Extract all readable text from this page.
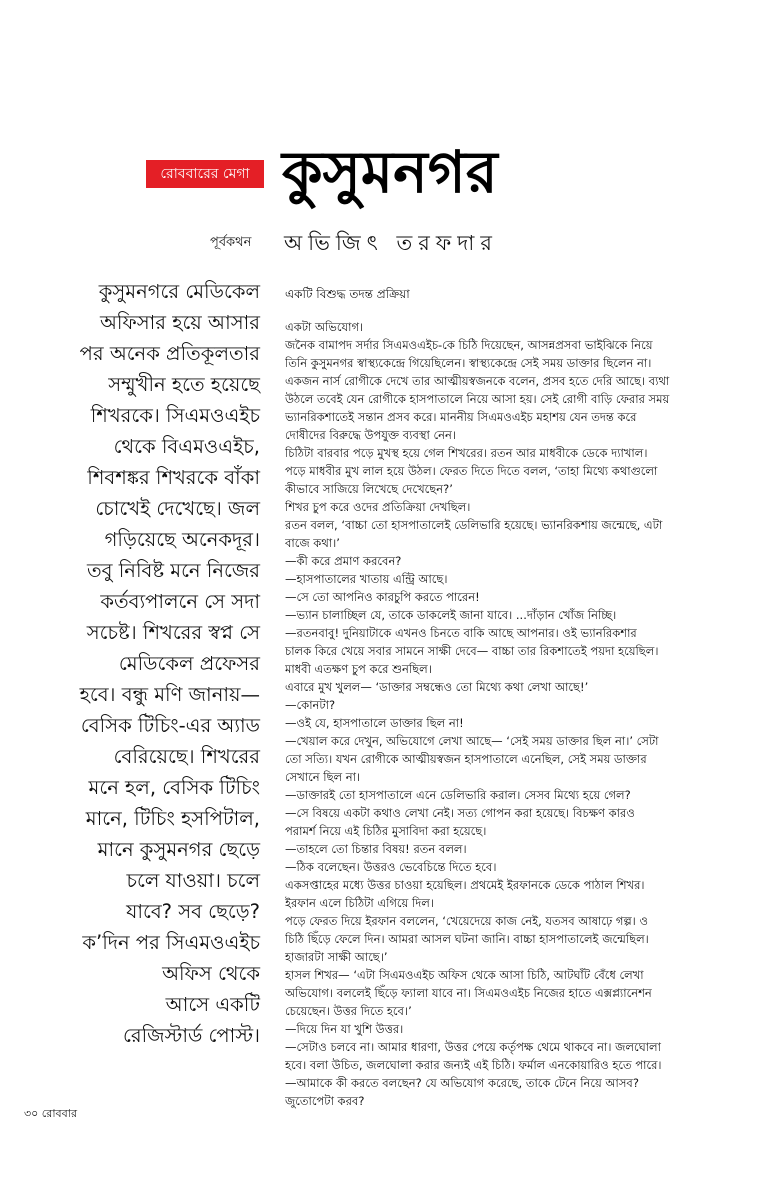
রোববারের মেগা কুসুমনগর
পূর্বকথন	অভিজিৎ তরফদার
কুসুমনগরে মেডিকেল
অফিসার হয়ে আসার
পর অনেক প্রতিকূলতার
সম্মুখীন হতে হয়েছে
শিখরকে। সিএমওএইচ
থেকে বিএমওএইচ,
শিবশঙ্কর শিখরকে বাঁকা
চোখেই দেখেছে। জল
গড়িয়েছে অনেকদূর।
তবু নিবিষ্ট মনে নিজের
কর্তব্যপালনে সে সদা
সচেষ্ট। শিখরের স্বপ্ন সে
মেডিকেল প্রফেসর
হবে। বন্ধু মণি জানায়—
বেসিক টিচিং-এর অ্যাড
বেরিয়েছে। শিখরের
মনে হল, বেসিক টিচিং
মানে, টিচিং হসপিটাল,
মানে কুসুমনগর ছেড়ে
চলে যাওয়া। চলে
যাবে? সব ছেড়ে?
ক’দিন পর সিএমওএইচ
অফিস থেকে
আসে একটি
রেজিস্টার্ড পোস্ট।
একটি বিশুদ্ধ তদন্ত প্রক্রিয়া
একটা অভিযোগ।
জনৈক বামাপদ সর্দার সিএমওএইচ-কে চিঠি দিয়েছেন, আসন্নপ্রসবা ভাইঝিকে নিয়ে
তিনি কুসুমনগর স্বাস্থ্যকেন্দ্রে গিয়েছিলেন। স্বাস্থ্যকেন্দ্রে সেই সময় ডাক্তার ছিলেন না।
একজন নার্স রোগীকে দেখে তার আত্মীয়স্বজনকে বলেন, প্রসব হতে দেরি আছে। ব্যথা
উঠলে তবেই যেন রোগীকে হাসপাতালে নিয়ে আসা হয়। সেই রোগী বাড়ি ফেরার সময়
ভ্যানরিকশাতেই সন্তান প্রসব করে। মাননীয় সিএমওএইচ মহাশয় যেন তদন্ত করে
দোষীদের বিরুদ্ধে উপযুক্ত ব্যবস্থা নেন।
চিঠিটা বারবার পড়ে মুখস্থ হয়ে গেল শিখরের। রতন আর মাধবীকে ডেকে দ্যাখাল।
পড়ে মাধবীর মুখ লাল হয়ে উঠল। ফেরত দিতে দিতে বলল, ‘তাহা মিথ্যে কথাগুলো
কীভাবে সাজিয়ে লিখেছে দেখেছেন?’
শিখর চুপ করে ওদের প্রতিক্রিয়া দেখছিল।
রতন বলল, ‘বাচ্চা তো হাসপাতালেই ডেলিভারি হয়েছে। ভ্যানরিকশায় জন্মেছে, এটা
বাজে কথা।’
—কী করে প্রমাণ করবেন?
—হাসপাতালের খাতায় এন্ট্রি আছে।
—সে তো আপনিও কারচুপি করতে পারেন!
—ভ্যান চালাচ্ছিল যে, তাকে ডাকলেই জানা যাবে। ...দাঁড়ান খোঁজ নিচ্ছি।
—রতনবাবু! দুনিয়াটাকে এখনও চিনতে বাকি আছে আপনার। ওই ভ্যানরিকশার
চালক কিরে খেয়ে সবার সামনে সাক্ষী দেবে— বাচ্চা তার রিকশাতেই পয়দা হয়েছিল।
মাধবী এতক্ষণ চুপ করে শুনছিল।
এবারে মুখ খুলল— ‘ডাক্তার সম্বন্ধেও তো মিথ্যে কথা লেখা আছে!’
—কোনটা?
—ওই যে, হাসপাতালে ডাক্তার ছিল না!
—খেয়াল করে দেখুন, অভিযোগে লেখা আছে— ‘সেই সময় ডাক্তার ছিল না।’ সেটা
তো সত্যি। যখন রোগীকে আত্মীয়স্বজন হাসপাতালে এনেছিল, সেই সময় ডাক্তার
সেখানে ছিল না।
—ডাক্তারই তো হাসপাতালে এনে ডেলিভারি করাল। সেসব মিথ্যে হয়ে গেল?
—সে বিষয়ে একটা কথাও লেখা নেই। সত্য গোপন করা হয়েছে। বিচক্ষণ কারও
পরামর্শ নিয়ে এই চিঠির মুসাবিদা করা হয়েছে।
—তাহলে তো চিন্তার বিষয়! রতন বলল।
—ঠিক বলেছেন। উত্তরও ভেবেচিন্তে দিতে হবে।
একসপ্তাহের মধ্যে উত্তর চাওয়া হয়েছিল। প্রথমেই ইরফানকে ডেকে পাঠাল শিখর।
ইরফান এলে চিঠিটা এগিয়ে দিল।
পড়ে ফেরত দিয়ে ইরফান বললেন, ‘খেয়েদেয়ে কাজ নেই, যতসব আষাঢ়ে গল্প। ও
চিঠি ছিঁড়ে ফেলে দিন। আমরা আসল ঘটনা জানি। বাচ্চা হাসপাতালেই জন্মেছিল।
হাজারটা সাক্ষী আছে।’
হাসল শিখর— ‘এটা সিএমওএইচ অফিস থেকে আসা চিঠি, আটঘাঁট বেঁধে লেখা
অভিযোগ। বললেই ছিঁড়ে ফ্যালা যাবে না। সিএমওএইচ নিজের হাতে এক্সপ্ল্যানেশন
চেয়েছেন। উত্তর দিতে হবে।’
—দিয়ে দিন যা খুশি উত্তর।
—সেটাও চলবে না। আমার ধারণা, উত্তর পেয়ে কর্তৃপক্ষ থেমে থাকবে না। জলঘোলা
হবে। বলা উচিত, জলঘোলা করার জন্যই এই চিঠি। ফর্মাল এনকোয়ারিও হতে পারে।
—আমাকে কী করতে বলছেন? যে অভিযোগ করেছে, তাকে টেনে নিয়ে আসব?
জুতোপেটা করব?
৩০ রোববার
